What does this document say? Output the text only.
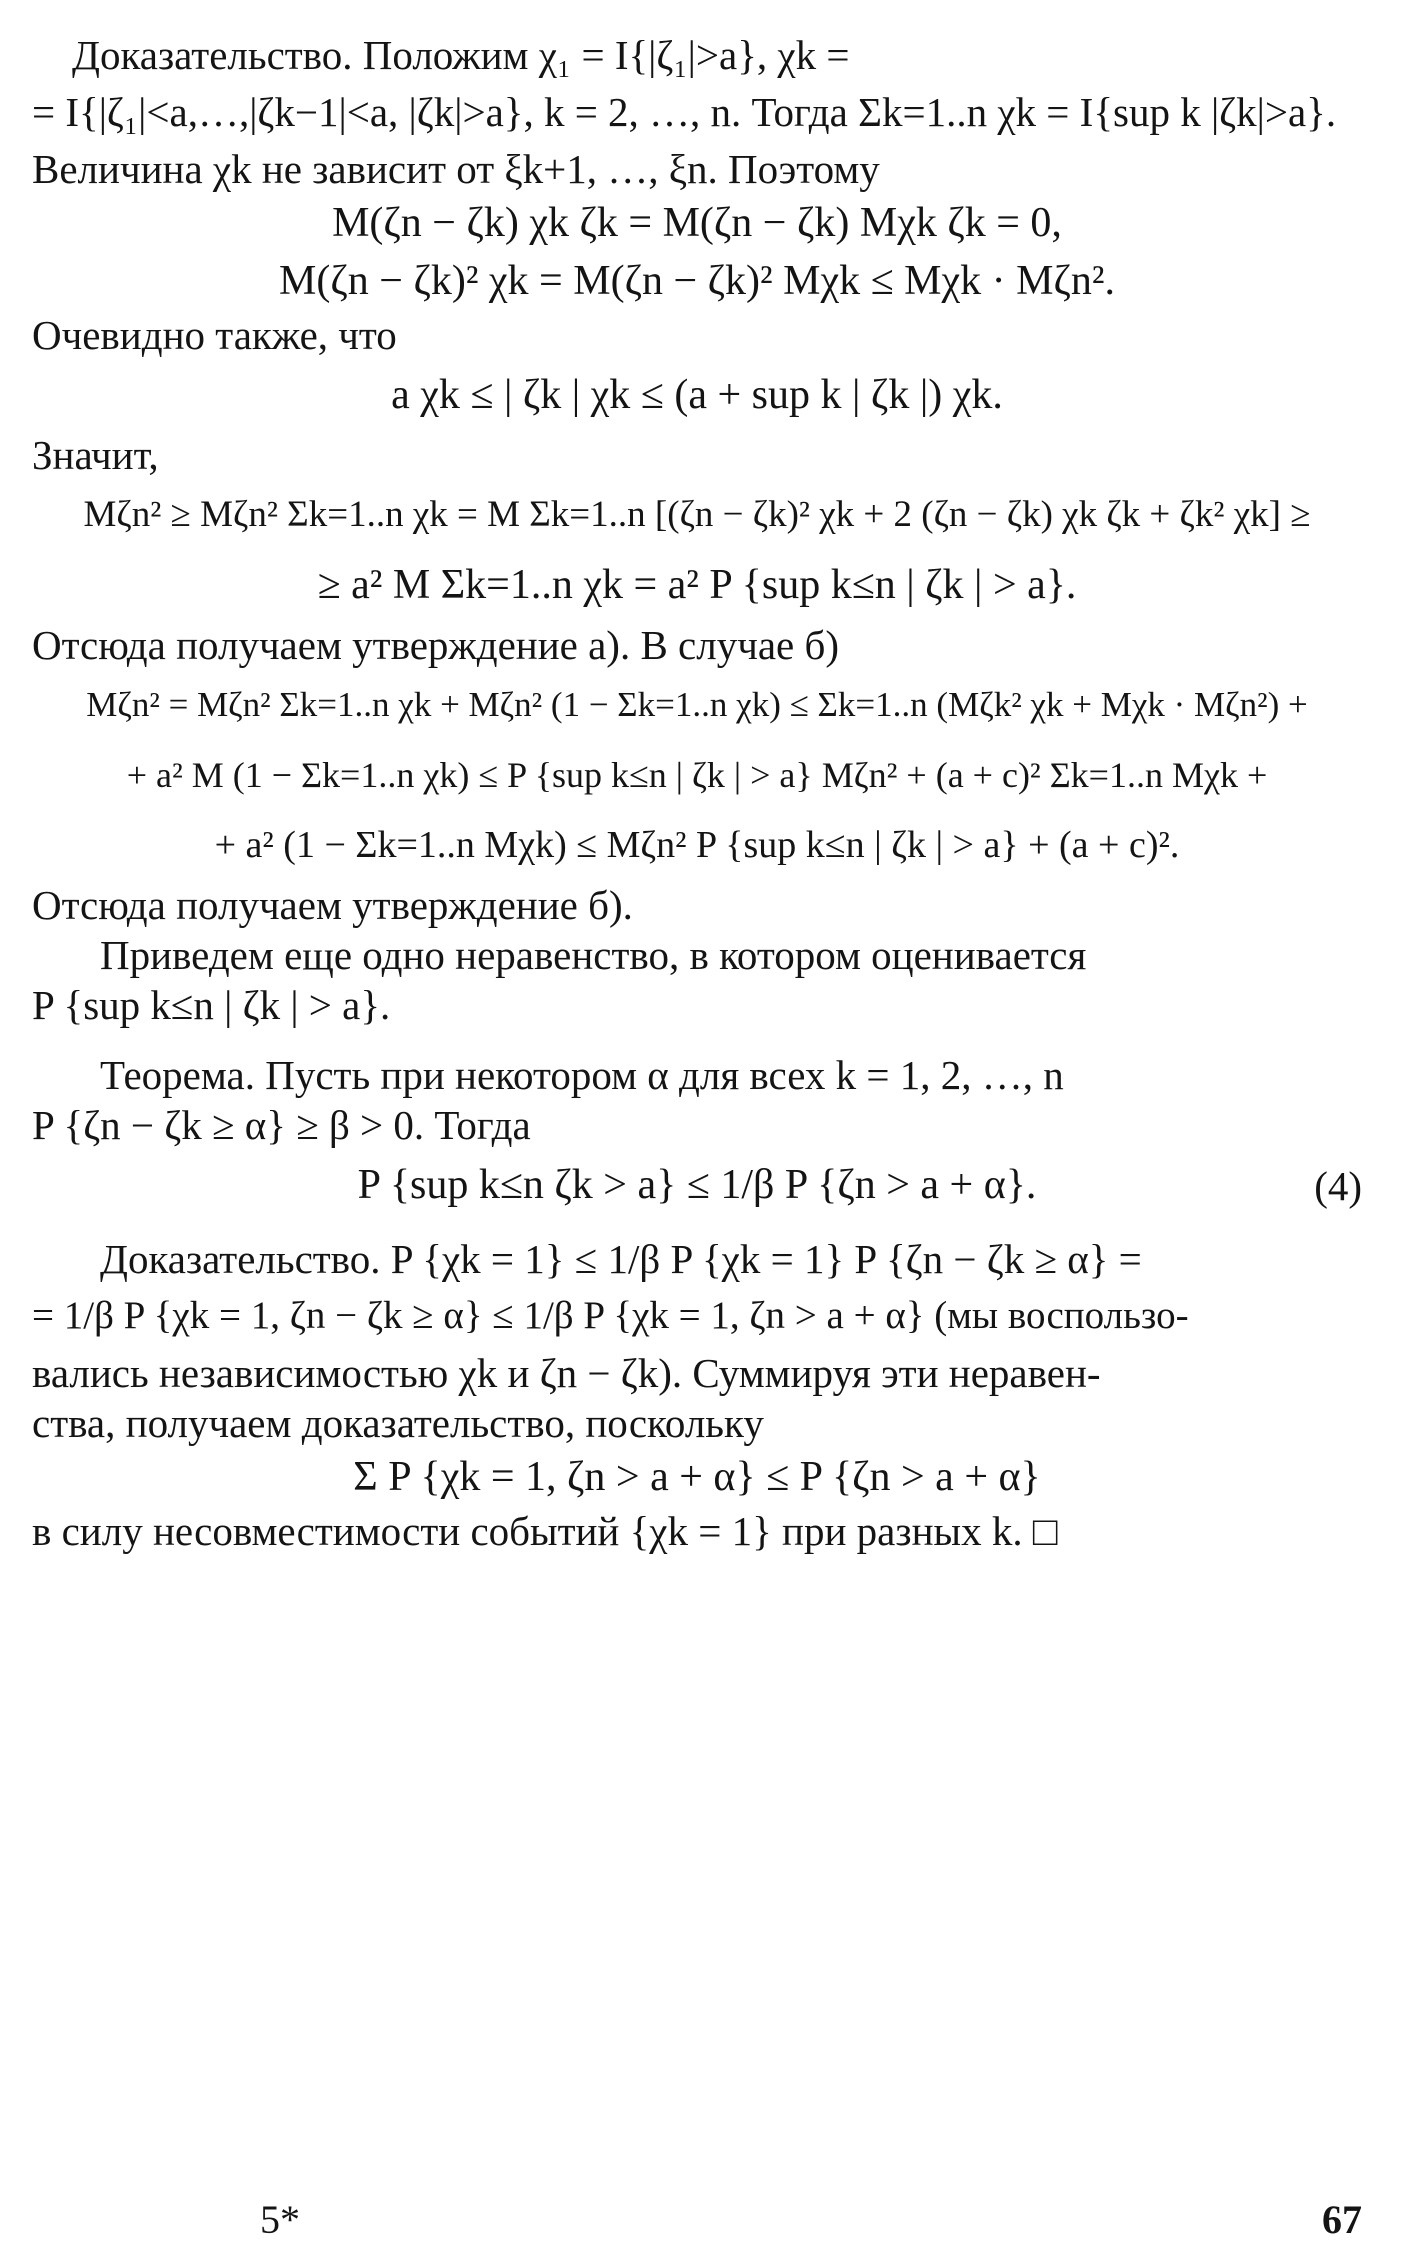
Доказательство. Положим χ₁ = I{|ζ₁|>a}, χk =

= I{|ζ₁|<a,…,|ζk−1|<a, |ζk|>a}, k = 2, …, n. Тогда Σk=1..n χk = I{sup k |ζk|>a}.

Величина χk не зависит от ξk+1, …, ξn. Поэтому

M(ζn − ζk) χk ζk = M(ζn − ζk) Mχk ζk = 0,

M(ζn − ζk)² χk = M(ζn − ζk)² Mχk ≤ Mχk · Mζn².

Очевидно также, что

a χk ≤ | ζk | χk ≤ (a + sup k | ζk |) χk.

Значит,

Mζn² ≥ Mζn² Σk=1..n χk = M Σk=1..n [(ζn − ζk)² χk + 2 (ζn − ζk) χk ζk + ζk² χk] ≥

≥ a² M Σk=1..n χk = a² P {sup k≤n | ζk | > a}.

Отсюда получаем утверждение а). В случае б)

Mζn² = Mζn² Σk=1..n χk + Mζn² (1 − Σk=1..n χk) ≤ Σk=1..n (Mζk² χk + Mχk · Mζn²) +

+ a² M (1 − Σk=1..n χk) ≤ P {sup k≤n | ζk | > a} Mζn² + (a + c)² Σk=1..n Mχk +

+ a² (1 − Σk=1..n Mχk) ≤ Mζn² P {sup k≤n | ζk | > a} + (a + c)².

Отсюда получаем утверждение б).

Приведем еще одно неравенство, в котором оценивается

P {sup k≤n | ζk | > a}.

Теорема. Пусть при некотором α для всех k = 1, 2, …, n

P {ζn − ζk ≥ α} ≥ β > 0. Тогда

P {sup k≤n ζk > a} ≤ 1/β P {ζn > a + α}.	(4)

Доказательство. P {χk = 1} ≤ 1/β P {χk = 1} P {ζn − ζk ≥ α} =

= 1/β P {χk = 1, ζn − ζk ≥ α} ≤ 1/β P {χk = 1, ζn > a + α} (мы воспользо-

вались независимостью χk и ζn − ζk). Суммируя эти неравен-

ства, получаем доказательство, поскольку

Σ P {χk = 1, ζn > a + α} ≤ P {ζn > a + α}

в силу несовместимости событий {χk = 1} при разных k. □

5*	67
